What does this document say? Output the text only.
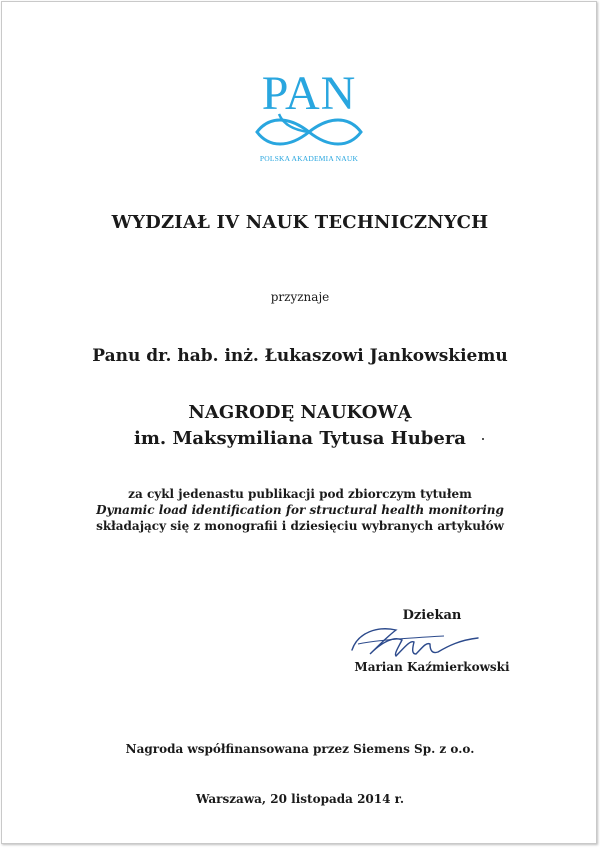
PAN
POLSKA AKADEMIA NAUK
WYDZIAŁ IV NAUK TECHNICZNYCH
przyznaje
Panu dr. hab. inż. Łukaszowi Jankowskiemu
NAGRODĘ NAUKOWĄ
im. Maksymiliana Tytusa Hubera
za cykl jedenastu publikacji pod zbiorczym tytułem
Dynamic load identification for structural health monitoring
składający się z monografii i dziesięciu wybranych artykułów
Dziekan
Marian Kaźmierkowski
Nagroda współfinansowana przez Siemens Sp. z o.o.
Warszawa, 20 listopada 2014 r.
